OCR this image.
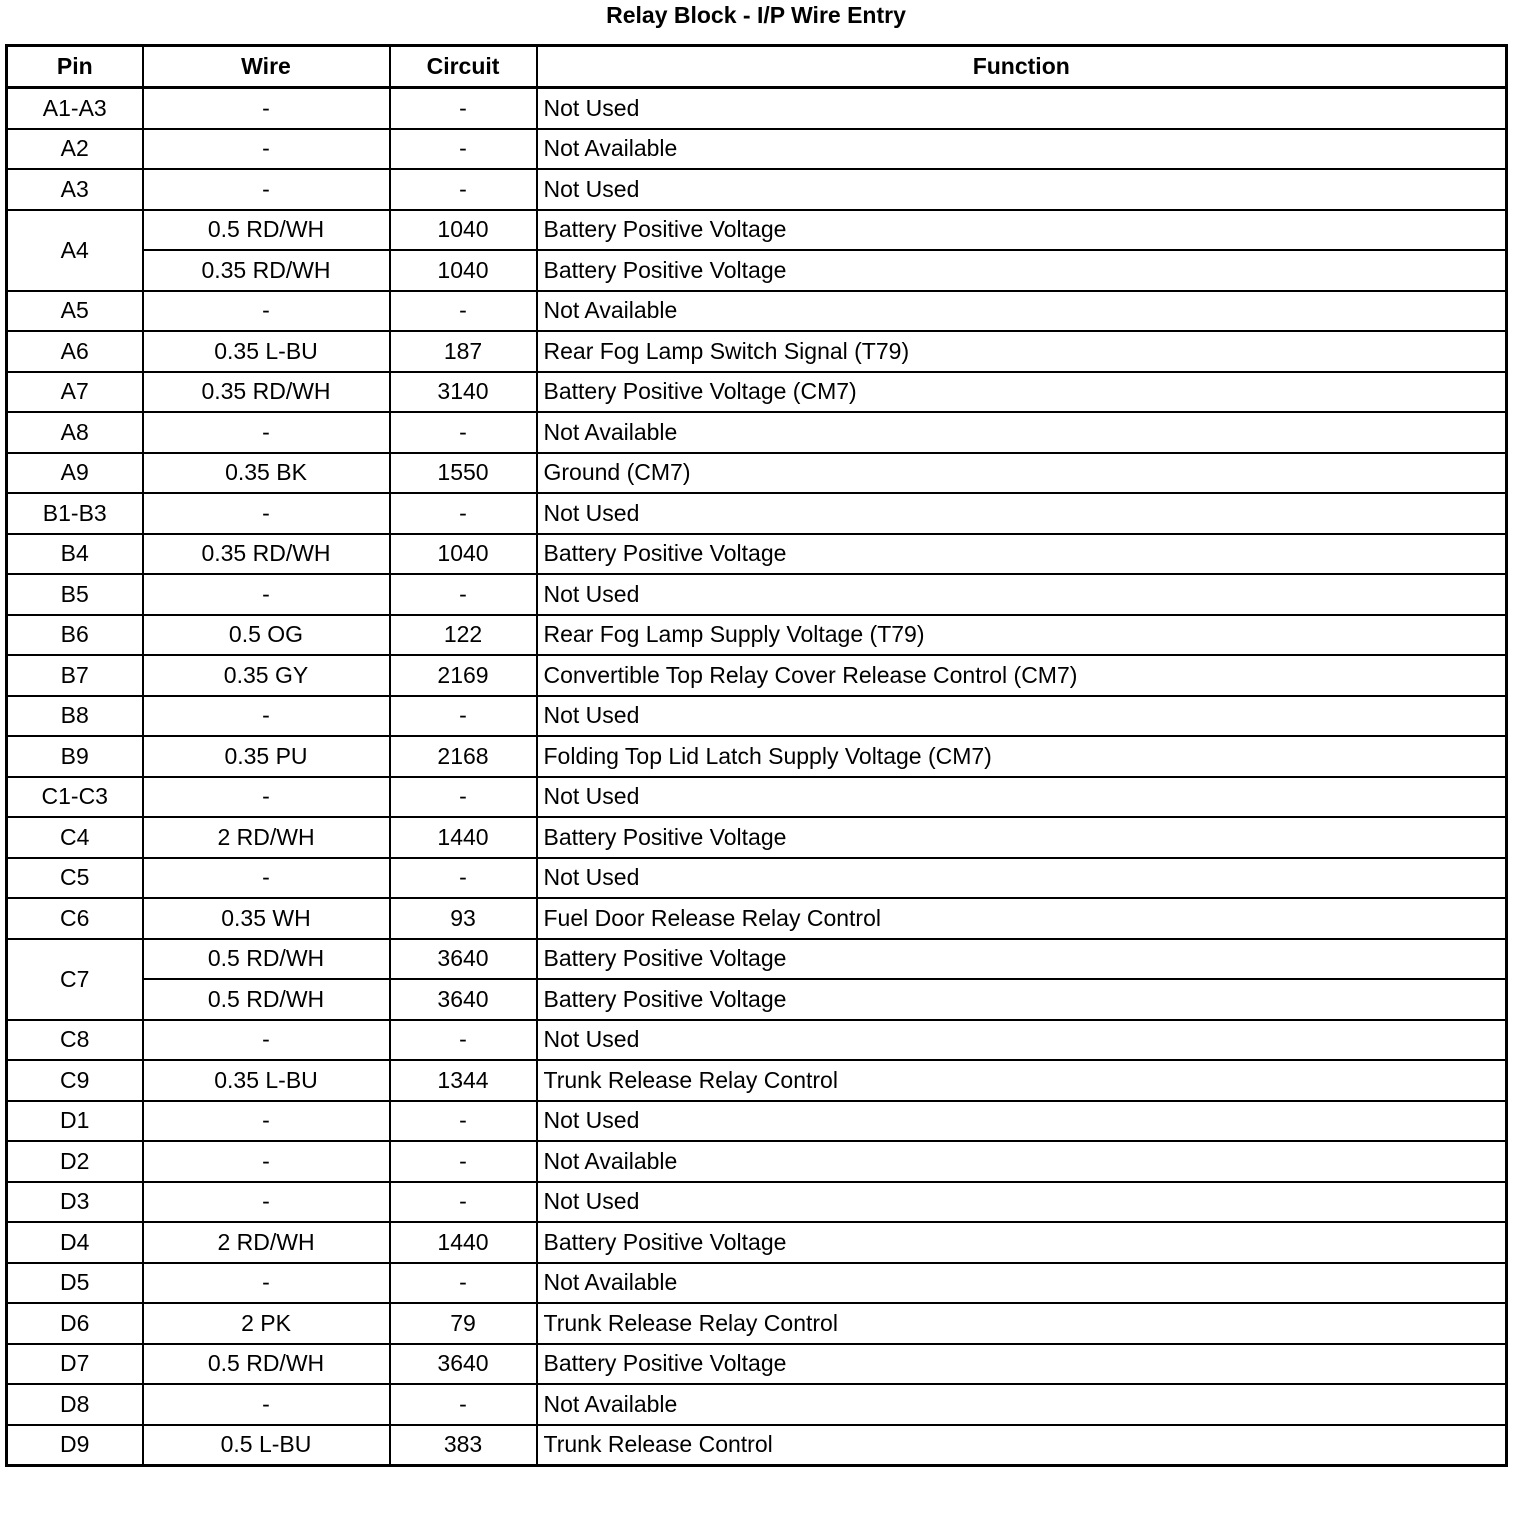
Relay Block - I/P Wire Entry
Pin	Wire	Circuit	Function
A1-A3	-	-	Not Used
A2	-	-	Not Available
A3	-	-	Not Used
A4	0.5 RD/WH	1040	Battery Positive Voltage
	0.35 RD/WH	1040	Battery Positive Voltage
A5	-	-	Not Available
A6	0.35 L-BU	187	Rear Fog Lamp Switch Signal (T79)
A7	0.35 RD/WH	3140	Battery Positive Voltage (CM7)
A8	-	-	Not Available
A9	0.35 BK	1550	Ground (CM7)
B1-B3	-	-	Not Used
B4	0.35 RD/WH	1040	Battery Positive Voltage
B5	-	-	Not Used
B6	0.5 OG	122	Rear Fog Lamp Supply Voltage (T79)
B7	0.35 GY	2169	Convertible Top Relay Cover Release Control (CM7)
B8	-	-	Not Used
B9	0.35 PU	2168	Folding Top Lid Latch Supply Voltage (CM7)
C1-C3	-	-	Not Used
C4	2 RD/WH	1440	Battery Positive Voltage
C5	-	-	Not Used
C6	0.35 WH	93	Fuel Door Release Relay Control
C7	0.5 RD/WH	3640	Battery Positive Voltage
	0.5 RD/WH	3640	Battery Positive Voltage
C8	-	-	Not Used
C9	0.35 L-BU	1344	Trunk Release Relay Control
D1	-	-	Not Used
D2	-	-	Not Available
D3	-	-	Not Used
D4	2 RD/WH	1440	Battery Positive Voltage
D5	-	-	Not Available
D6	2 PK	79	Trunk Release Relay Control
D7	0.5 RD/WH	3640	Battery Positive Voltage
D8	-	-	Not Available
D9	0.5 L-BU	383	Trunk Release Control
